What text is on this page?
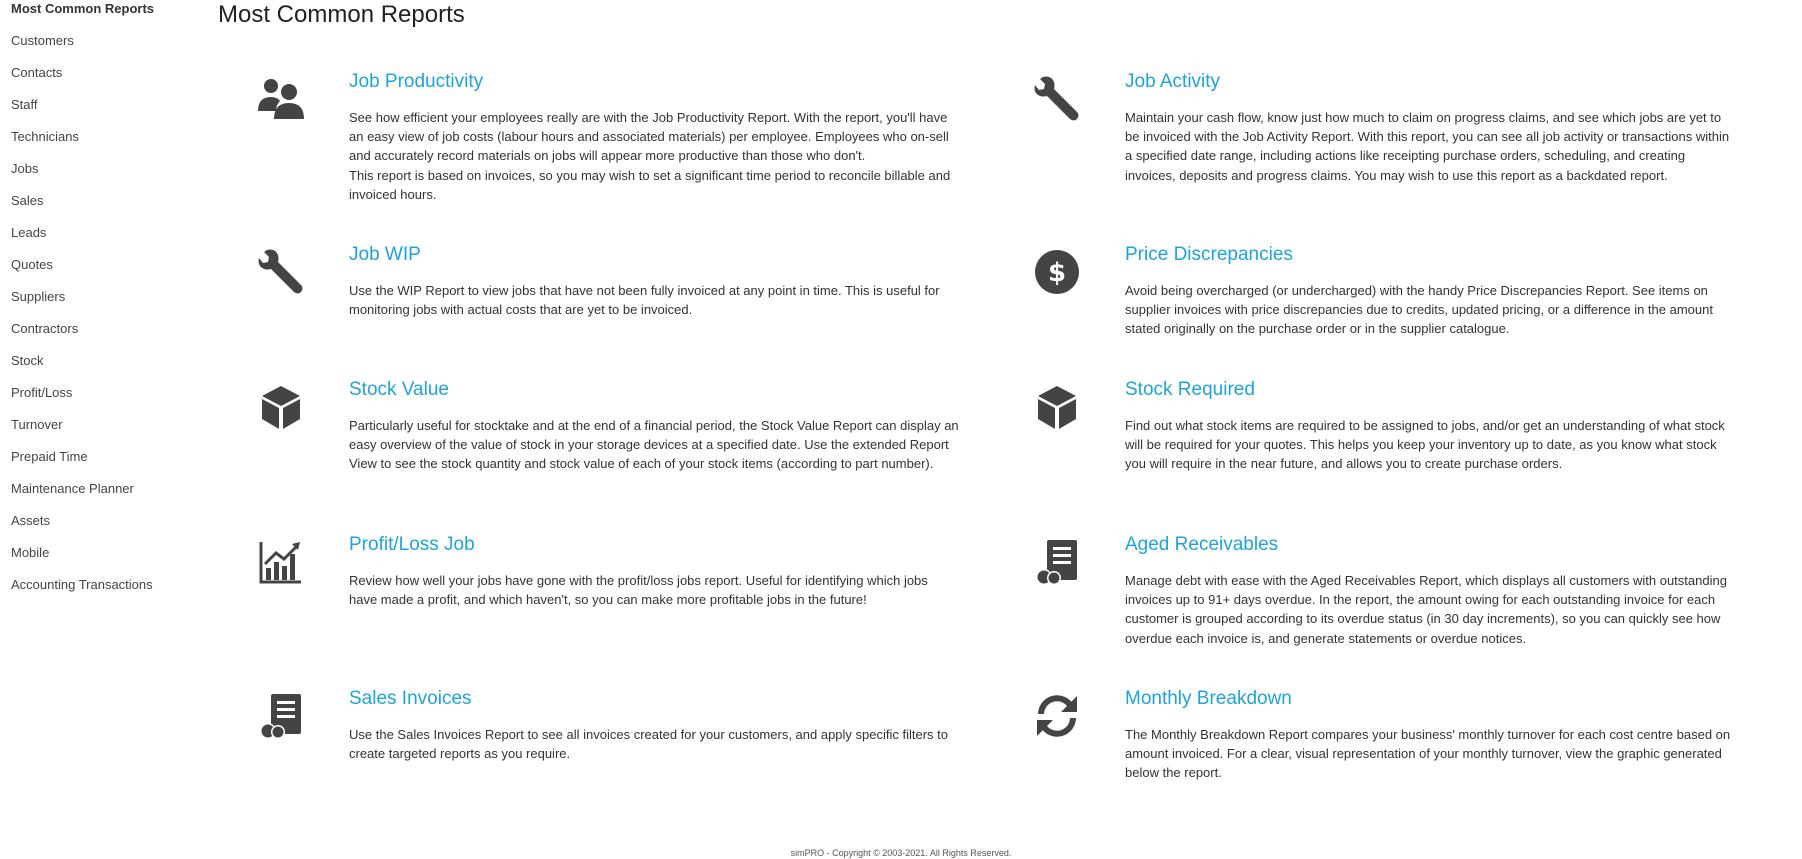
Most Common Reports
Customers
Contacts
Staff
Technicians
Jobs
Sales
Leads
Quotes
Suppliers
Contractors
Stock
Profit/Loss
Turnover
Prepaid Time
Maintenance Planner
Assets
Mobile
Accounting Transactions
Most Common Reports
Job Productivity
See how efficient your employees really are with the Job Productivity Report. With the report, you'll have an easy view of job costs (labour hours and associated materials) per employee. Employees who on-sell and accurately record materials on jobs will appear more productive than those who don't.
This report is based on invoices, so you may wish to set a significant time period to reconcile billable and invoiced hours.
Job Activity
Maintain your cash flow, know just how much to claim on progress claims, and see which jobs are yet to be invoiced with the Job Activity Report. With this report, you can see all job activity or transactions within a specified date range, including actions like receipting purchase orders, scheduling, and creating invoices, deposits and progress claims. You may wish to use this report as a backdated report.
Job WIP
Use the WIP Report to view jobs that have not been fully invoiced at any point in time. This is useful for monitoring jobs with actual costs that are yet to be invoiced.
$
Price Discrepancies
Avoid being overcharged (or undercharged) with the handy Price Discrepancies Report. See items on supplier invoices with price discrepancies due to credits, updated pricing, or a difference in the amount stated originally on the purchase order or in the supplier catalogue.
Stock Value
Particularly useful for stocktake and at the end of a financial period, the Stock Value Report can display an easy overview of the value of stock in your storage devices at a specified date. Use the extended Report View to see the stock quantity and stock value of each of your stock items (according to part number).
Stock Required
Find out what stock items are required to be assigned to jobs, and/or get an understanding of what stock will be required for your quotes. This helps you keep your inventory up to date, as you know what stock you will require in the near future, and allows you to create purchase orders.
Profit/Loss Job
Review how well your jobs have gone with the profit/loss jobs report. Useful for identifying which jobs have made a profit, and which haven't, so you can make more profitable jobs in the future!
Aged Receivables
Manage debt with ease with the Aged Receivables Report, which displays all customers with outstanding invoices up to 91+ days overdue. In the report, the amount owing for each outstanding invoice for each customer is grouped according to its overdue status (in 30 day increments), so you can quickly see how overdue each invoice is, and generate statements or overdue notices.
Sales Invoices
Use the Sales Invoices Report to see all invoices created for your customers, and apply specific filters to create targeted reports as you require.
Monthly Breakdown
The Monthly Breakdown Report compares your business' monthly turnover for each cost centre based on amount invoiced. For a clear, visual representation of your monthly turnover, view the graphic generated below the report.
simPRO - Copyright © 2003-2021. All Rights Reserved.
